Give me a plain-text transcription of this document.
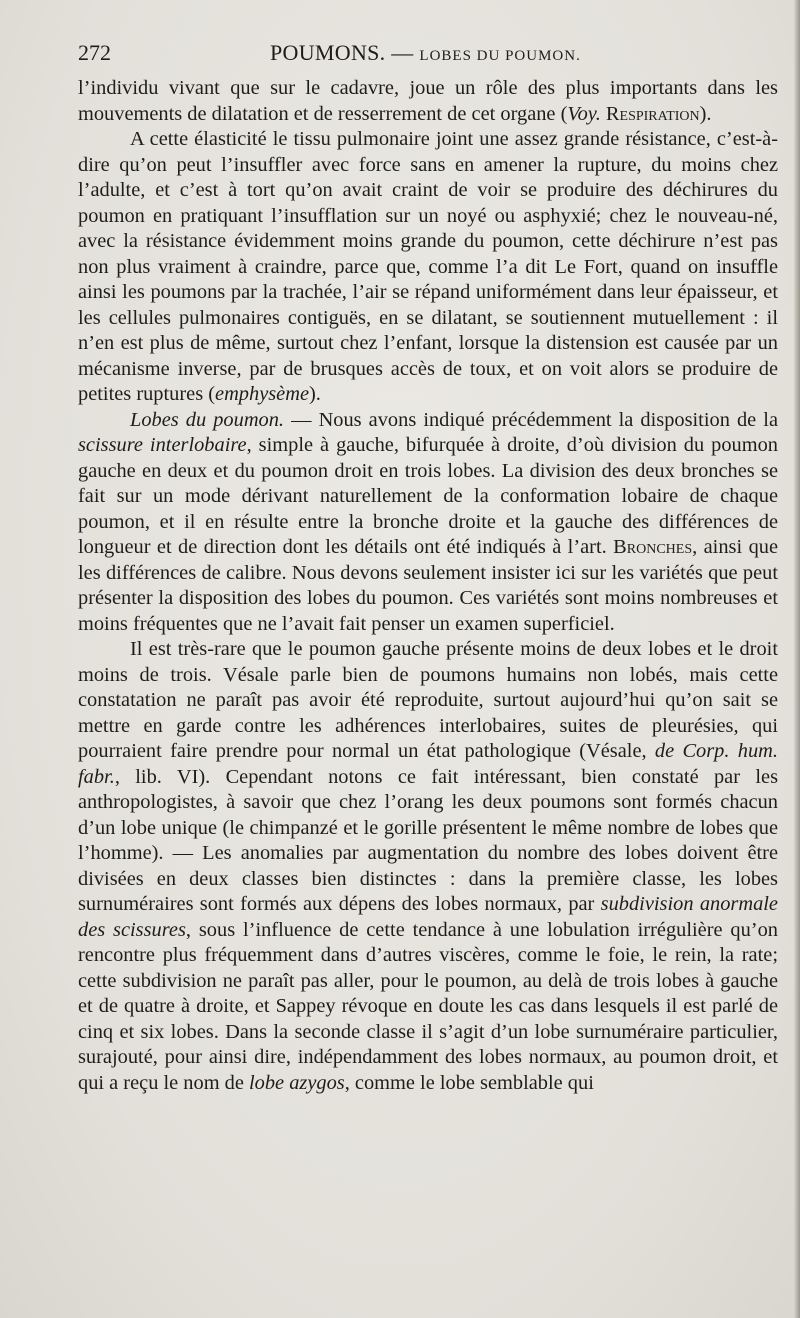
272	POUMONS. — LOBES DU POUMON.

l’individu vivant que sur le cadavre, joue un rôle des plus importants dans les mouvements de dilatation et de resserrement de cet organe (Voy. Respiration).

A cette élasticité le tissu pulmonaire joint une assez grande résistance, c’est-à-dire qu’on peut l’insuffler avec force sans en amener la rupture, du moins chez l’adulte, et c’est à tort qu’on avait craint de voir se produire des déchirures du poumon en pratiquant l’insufflation sur un noyé ou asphyxié; chez le nouveau-né, avec la résistance évidemment moins grande du poumon, cette déchirure n’est pas non plus vraiment à craindre, parce que, comme l’a dit Le Fort, quand on insuffle ainsi les poumons par la trachée, l’air se répand uniformément dans leur épaisseur, et les cellules pulmonaires contiguës, en se dilatant, se soutiennent mutuellement : il n’en est plus de même, surtout chez l’enfant, lorsque la distension est causée par un mécanisme inverse, par de brusques accès de toux, et on voit alors se produire de petites ruptures (emphysème).

Lobes du poumon. — Nous avons indiqué précédemment la disposition de la scissure interlobaire, simple à gauche, bifurquée à droite, d’où division du poumon gauche en deux et du poumon droit en trois lobes. La division des deux bronches se fait sur un mode dérivant naturellement de la conformation lobaire de chaque poumon, et il en résulte entre la bronche droite et la gauche des différences de longueur et de direction dont les détails ont été indiqués à l’art. Bronches, ainsi que les différences de calibre. Nous devons seulement insister ici sur les variétés que peut présenter la disposition des lobes du poumon. Ces variétés sont moins nombreuses et moins fréquentes que ne l’avait fait penser un examen superficiel.

Il est très-rare que le poumon gauche présente moins de deux lobes et le droit moins de trois. Vésale parle bien de poumons humains non lobés, mais cette constatation ne paraît pas avoir été reproduite, surtout aujourd’hui qu’on sait se mettre en garde contre les adhérences interlobaires, suites de pleurésies, qui pourraient faire prendre pour normal un état pathologique (Vésale, de Corp. hum. fabr., lib. VI). Cependant notons ce fait intéressant, bien constaté par les anthropologistes, à savoir que chez l’orang les deux poumons sont formés chacun d’un lobe unique (le chimpanzé et le gorille présentent le même nombre de lobes que l’homme). — Les anomalies par augmentation du nombre des lobes doivent être divisées en deux classes bien distinctes : dans la première classe, les lobes surnuméraires sont formés aux dépens des lobes normaux, par subdivision anormale des scissures, sous l’influence de cette tendance à une lobulation irrégulière qu’on rencontre plus fréquemment dans d’autres viscères, comme le foie, le rein, la rate; cette subdivision ne paraît pas aller, pour le poumon, au delà de trois lobes à gauche et de quatre à droite, et Sappey révoque en doute les cas dans lesquels il est parlé de cinq et six lobes. Dans la seconde classe il s’agit d’un lobe surnuméraire particulier, surajouté, pour ainsi dire, indépendamment des lobes normaux, au poumon droit, et qui a reçu le nom de lobe azygos, comme le lobe semblable qui
